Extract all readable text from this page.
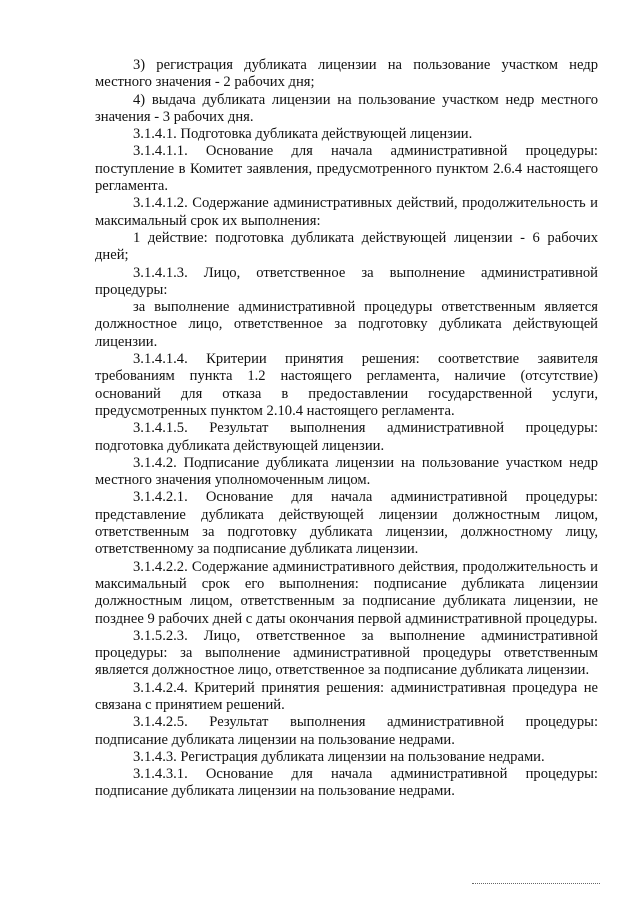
3) регистрация дубликата лицензии на пользование участком недр местного значения - 2 рабочих дня;

4) выдача дубликата лицензии на пользование участком недр местного значения - 3 рабочих дня.

3.1.4.1. Подготовка дубликата действующей лицензии.

3.1.4.1.1. Основание для начала административной процедуры: поступление в Комитет заявления, предусмотренного пунктом 2.6.4 настоящего регламента.

3.1.4.1.2. Содержание административных действий, продолжительность и максимальный срок их выполнения:

1 действие: подготовка дубликата действующей лицензии - 6 рабочих дней;

3.1.4.1.3. Лицо, ответственное за выполнение административной процедуры:

за выполнение административной процедуры ответственным является должностное лицо, ответственное за подготовку дубликата действующей лицензии.

3.1.4.1.4. Критерии принятия решения: соответствие заявителя требованиям пункта 1.2 настоящего регламента, наличие (отсутствие) оснований для отказа в предоставлении государственной услуги, предусмотренных пунктом 2.10.4 настоящего регламента.

3.1.4.1.5. Результат выполнения административной процедуры: подготовка дубликата действующей лицензии.

3.1.4.2. Подписание дубликата лицензии на пользование участком недр местного значения уполномоченным лицом.

3.1.4.2.1. Основание для начала административной процедуры: представление дубликата действующей лицензии должностным лицом, ответственным за подготовку дубликата лицензии, должностному лицу, ответственному за подписание дубликата лицензии.

3.1.4.2.2. Содержание административного действия, продолжительность и максимальный срок его выполнения: подписание дубликата лицензии должностным лицом, ответственным за подписание дубликата лицензии, не позднее 9 рабочих дней с даты окончания первой административной процедуры.

3.1.5.2.3. Лицо, ответственное за выполнение административной процедуры: за выполнение административной процедуры ответственным является должностное лицо, ответственное за подписание дубликата лицензии.

3.1.4.2.4. Критерий принятия решения: административная процедура не связана с принятием решений.

3.1.4.2.5. Результат выполнения административной процедуры: подписание дубликата лицензии на пользование недрами.

3.1.4.3. Регистрация дубликата лицензии на пользование недрами.

3.1.4.3.1. Основание для начала административной процедуры: подписание дубликата лицензии на пользование недрами.
